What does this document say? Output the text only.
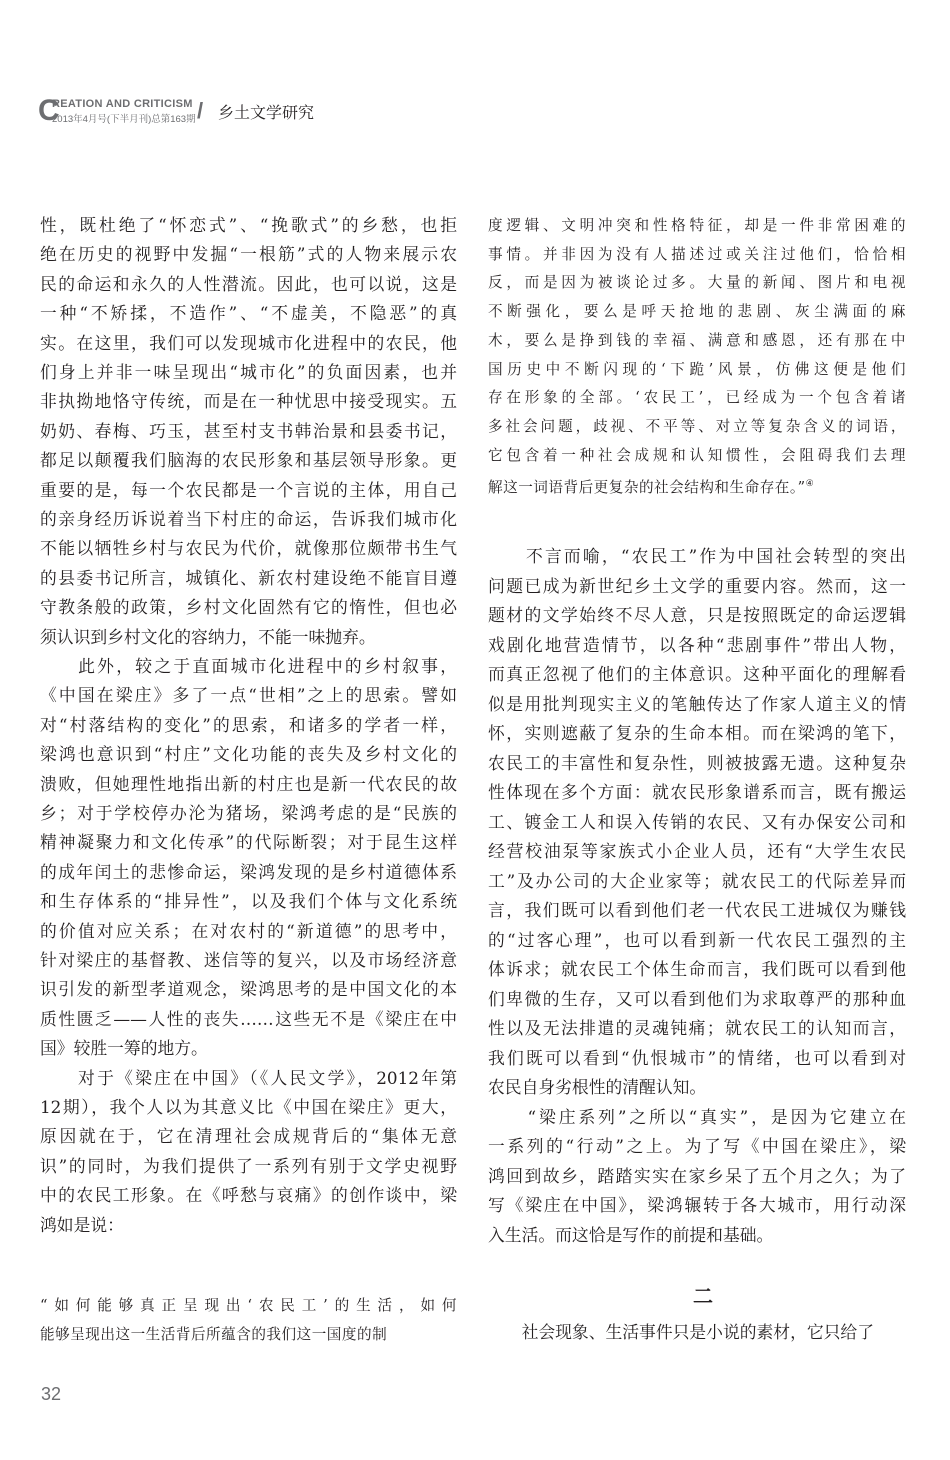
C
REATION AND CRITICISM
2013年4月号(下半月刊)总第163期 / 乡土文学研究
性，既杜绝了“怀恋式”、“挽歌式”的乡愁，也拒
绝在历史的视野中发掘“一根筋”式的人物来展示农
民的命运和永久的人性潜流。因此，也可以说，这是
一种“不矫揉，不造作”、“不虚美，不隐恶”的真
实。在这里，我们可以发现城市化进程中的农民，他
们身上并非一味呈现出“城市化”的负面因素，也并
非执拗地恪守传统，而是在一种忧思中接受现实。五
奶奶、春梅、巧玉，甚至村支书韩治景和县委书记，
都足以颠覆我们脑海的农民形象和基层领导形象。更
重要的是，每一个农民都是一个言说的主体，用自己
的亲身经历诉说着当下村庄的命运，告诉我们城市化
不能以牺牲乡村与农民为代价，就像那位颇带书生气
的县委书记所言，城镇化、新农村建设绝不能盲目遵
守教条般的政策，乡村文化固然有它的惰性，但也必
须认识到乡村文化的容纳力，不能一味抛弃。
　　此外，较之于直面城市化进程中的乡村叙事，
《中国在梁庄》多了一点“世相”之上的思索。譬如
对“村落结构的变化”的思索，和诸多的学者一样，
梁鸿也意识到“村庄”文化功能的丧失及乡村文化的
溃败，但她理性地指出新的村庄也是新一代农民的故
乡；对于学校停办沦为猪场，梁鸿考虑的是“民族的
精神凝聚力和文化传承”的代际断裂；对于昆生这样
的成年闰土的悲惨命运，梁鸿发现的是乡村道德体系
和生存体系的“排异性”，以及我们个体与文化系统
的价值对应关系；在对农村的“新道德”的思考中，
针对梁庄的基督教、迷信等的复兴，以及市场经济意
识引发的新型孝道观念，梁鸿思考的是中国文化的本
质性匮乏——人性的丧失……这些无不是《梁庄在中
国》较胜一筹的地方。
　　对于《梁庄在中国》（《人民文学》，2012年第
12期），我个人以为其意义比《中国在梁庄》更大，
原因就在于，它在清理社会成规背后的“集体无意
识”的同时，为我们提供了一系列有别于文学史视野
中的农民工形象。在《呼愁与哀痛》的创作谈中，梁
鸿如是说：
“如何能够真正呈现出‘农民工’的生活，如何
能够呈现出这一生活背后所蕴含的我们这一国度的制
度逻辑、文明冲突和性格特征，却是一件非常困难的
事情。并非因为没有人描述过或关注过他们，恰恰相
反，而是因为被谈论过多。大量的新闻、图片和电视
不断强化，要么是呼天抢地的悲剧、灰尘满面的麻
木，要么是挣到钱的幸福、满意和感恩，还有那在中
国历史中不断闪现的‘下跪’风景，仿佛这便是他们
存在形象的全部。‘农民工’，已经成为一个包含着诸
多社会问题，歧视、不平等、对立等复杂含义的词语，
它包含着一种社会成规和认知惯性，会阻碍我们去理
解这一词语背后更复杂的社会结构和生命存在。”④
　　不言而喻，“农民工”作为中国社会转型的突出
问题已成为新世纪乡土文学的重要内容。然而，这一
题材的文学始终不尽人意，只是按照既定的命运逻辑
戏剧化地营造情节，以各种“悲剧事件”带出人物，
而真正忽视了他们的主体意识。这种平面化的理解看
似是用批判现实主义的笔触传达了作家人道主义的情
怀，实则遮蔽了复杂的生命本相。而在梁鸿的笔下，
农民工的丰富性和复杂性，则被披露无遗。这种复杂
性体现在多个方面：就农民形象谱系而言，既有搬运
工、镀金工人和误入传销的农民、又有办保安公司和
经营校油泵等家族式小企业人员，还有“大学生农民
工”及办公司的大企业家等；就农民工的代际差异而
言，我们既可以看到他们老一代农民工进城仅为赚钱
的“过客心理”，也可以看到新一代农民工强烈的主
体诉求；就农民工个体生命而言，我们既可以看到他
们卑微的生存，又可以看到他们为求取尊严的那种血
性以及无法排遣的灵魂钝痛；就农民工的认知而言，
我们既可以看到“仇恨城市”的情绪，也可以看到对
农民自身劣根性的清醒认知。
　　“梁庄系列”之所以“真实”，是因为它建立在
一系列的“行动”之上。为了写《中国在梁庄》，梁
鸿回到故乡，踏踏实实在家乡呆了五个月之久；为了
写《梁庄在中国》，梁鸿辗转于各大城市，用行动深
入生活。而这恰是写作的前提和基础。
　　社会现象、生活事件只是小说的素材，它只给了
二
32
